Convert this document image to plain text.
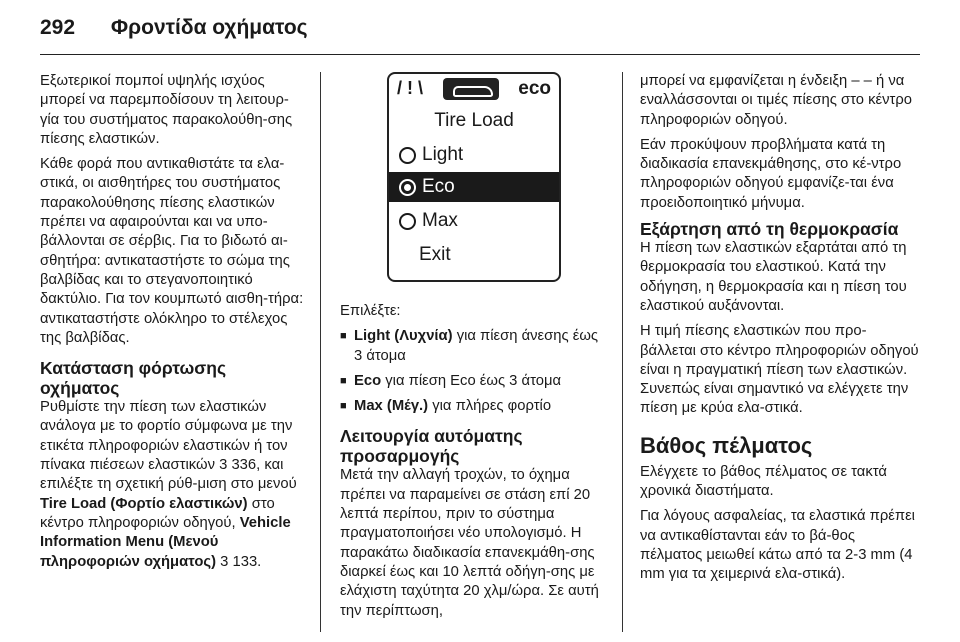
292 Φροντίδα οχήματος

Εξωτερικοί πομποί υψηλής ισχύος μπορεί να παρεμποδίσουν τη λειτουρ-γία του συστήματος παρακολούθη-σης πίεσης ελαστικών.

Κάθε φορά που αντικαθιστάτε τα ελα-στικά, οι αισθητήρες του συστήματος παρακολούθησης πίεσης ελαστικών πρέπει να αφαιρούνται και να υπο-βάλλονται σε σέρβις. Για το βιδωτό αι-σθητήρα: αντικαταστήστε το σώμα της βαλβίδας και το στεγανοποιητικό δακτύλιο. Για τον κουμπωτό αισθη-τήρα: αντικαταστήστε ολόκληρο το στέλεχος της βαλβίδας.

Κατάσταση φόρτωσης οχήματος

Ρυθμίστε την πίεση των ελαστικών ανάλογα με το φορτίο σύμφωνα με την ετικέτα πληροφοριών ελαστικών ή τον πίνακα πιέσεων ελαστικών 3 336, και επιλέξτε τη σχετική ρύθ-μιση στο μενού Tire Load (Φορτίο ελαστικών) στο κέντρο πληροφοριών οδηγού, Vehicle Information Menu (Μενού πληροφοριών οχήματος) 3 133.

/ ! \	eco
Tire Load
Light
Eco
Max
Exit

Επιλέξτε:

■ Light (Λυχνία) για πίεση άνεσης έως 3 άτομα
■ Eco για πίεση Eco έως 3 άτομα
■ Max (Μέγ.) για πλήρες φορτίο
Λειτουργία αυτόματης προσαρμογής

Μετά την αλλαγή τροχών, το όχημα πρέπει να παραμείνει σε στάση επί 20 λεπτά περίπου, πριν το σύστημα πραγματοποιήσει νέο υπολογισμό. Η παρακάτω διαδικασία επανεκμάθη-σης διαρκεί έως και 10 λεπτά οδήγη-σης με ελάχιστη ταχύτητα 20 χλμ/ώρα. Σε αυτή την περίπτωση,

μπορεί να εμφανίζεται η ένδειξη – – ή να εναλλάσσονται οι τιμές πίεσης στο κέντρο πληροφοριών οδηγού.

Εάν προκύψουν προβλήματα κατά τη διαδικασία επανεκμάθησης, στο κέ-ντρο πληροφοριών οδηγού εμφανίζε-ται ένα προειδοποιητικό μήνυμα.

Εξάρτηση από τη θερμοκρασία

Η πίεση των ελαστικών εξαρτάται από τη θερμοκρασία του ελαστικού. Κατά την οδήγηση, η θερμοκρασία και η πίεση του ελαστικού αυξάνονται.

Η τιμή πίεσης ελαστικών που προ-βάλλεται στο κέντρο πληροφοριών οδηγού είναι η πραγματική πίεση των ελαστικών. Συνεπώς είναι σημαντικό να ελέγχετε την πίεση με κρύα ελα-στικά.

Βάθος πέλματος

Ελέγχετε το βάθος πέλματος σε τακτά χρονικά διαστήματα.

Για λόγους ασφαλείας, τα ελαστικά πρέπει να αντικαθίστανται εάν το βά-θος πέλματος μειωθεί κάτω από τα 2-3 mm (4 mm για τα χειμερινά ελα-στικά).
